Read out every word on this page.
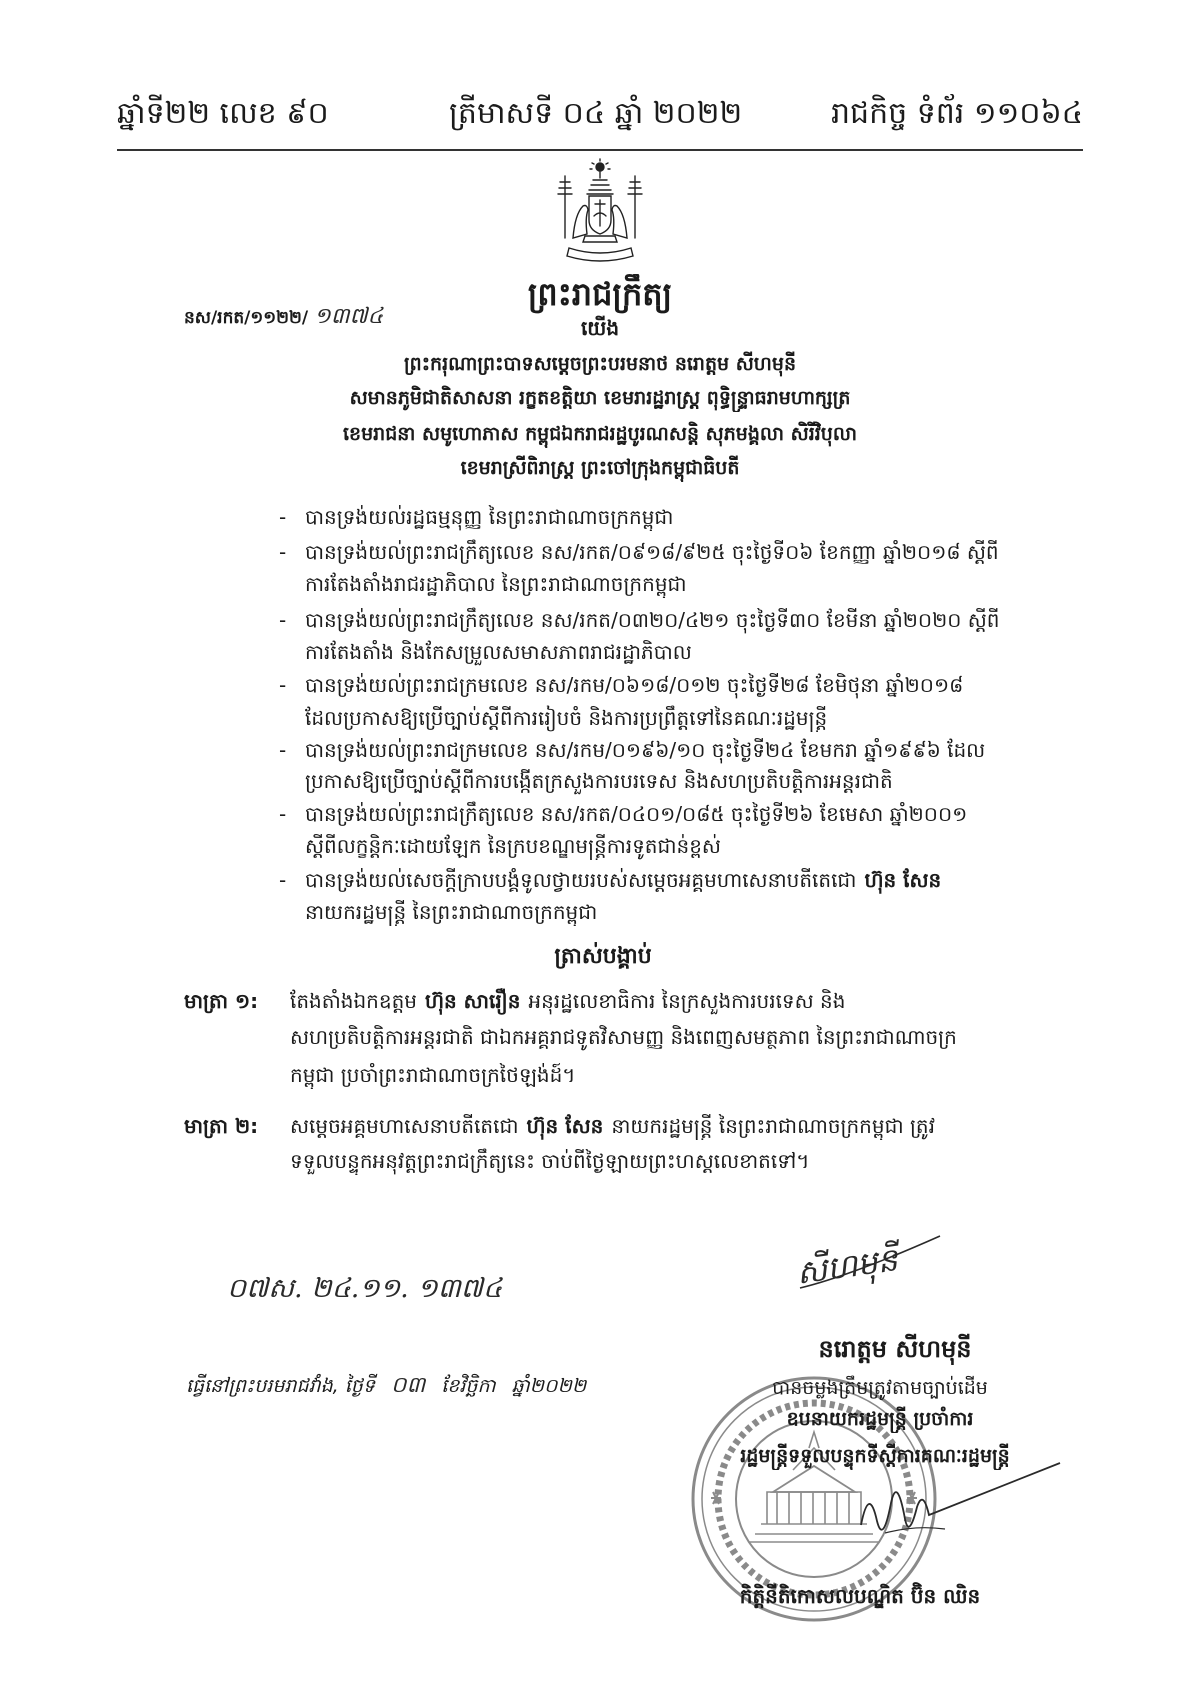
ឆ្នាំទី២២ លេខ ៩០	ត្រីមាសទី ០៤ ឆ្នាំ ២០២២	រាជកិច្ច ទំព័រ ១១០៦៤
ព្រះរាជក្រឹត្យ
នស/រកត/១១២២/ ១៣៧៤	យើង
ព្រះករុណាព្រះបាទសម្តេចព្រះបរមនាថ នរោត្តម សីហមុនី
សមានភូមិជាតិសាសនា រក្ខតខត្តិយា ខេមរារដ្ឋរាស្ត្រ ពុទ្ធិន្ទ្រាធរាមហាក្សត្រ
ខេមរាជនា សមូហោភាស កម្ពុជឯករាជរដ្ឋបូរណសន្តិ សុភមង្គលា សិរីវិបុលា
ខេមរាស្រីពិរាស្ត្រ ព្រះចៅក្រុងកម្ពុជាធិបតី
- បានទ្រង់យល់រដ្ឋធម្មនុញ្ញ នៃព្រះរាជាណាចក្រកម្ពុជា
- បានទ្រង់យល់ព្រះរាជក្រឹត្យលេខ នស/រកត/០៩១៨/៩២៥ ចុះថ្ងៃទី០៦ ខែកញ្ញា ឆ្នាំ២០១៨ ស្តីពី
ការតែងតាំងរាជរដ្ឋាភិបាល នៃព្រះរាជាណាចក្រកម្ពុជា
- បានទ្រង់យល់ព្រះរាជក្រឹត្យលេខ នស/រកត/០៣២០/៤២១ ចុះថ្ងៃទី៣០ ខែមីនា ឆ្នាំ២០២០ ស្តីពី
ការតែងតាំង និងកែសម្រួលសមាសភាពរាជរដ្ឋាភិបាល
- បានទ្រង់យល់ព្រះរាជក្រមលេខ នស/រកម/០៦១៨/០១២ ចុះថ្ងៃទី២៨ ខែមិថុនា ឆ្នាំ២០១៨
ដែលប្រកាសឱ្យប្រើច្បាប់ស្តីពីការរៀបចំ និងការប្រព្រឹត្តទៅនៃគណៈរដ្ឋមន្ត្រី
- បានទ្រង់យល់ព្រះរាជក្រមលេខ នស/រកម/០១៩៦/១០ ចុះថ្ងៃទី២៤ ខែមករា ឆ្នាំ១៩៩៦ ដែល
ប្រកាសឱ្យប្រើច្បាប់ស្តីពីការបង្កើតក្រសួងការបរទេស និងសហប្រតិបត្តិការអន្តរជាតិ
- បានទ្រង់យល់ព្រះរាជក្រឹត្យលេខ នស/រកត/០៤០១/០៨៥ ចុះថ្ងៃទី២៦ ខែមេសា ឆ្នាំ២០០១
ស្តីពីលក្ខន្តិកៈដោយឡែក នៃក្របខណ្ឌមន្ត្រីការទូតជាន់ខ្ពស់
- បានទ្រង់យល់សេចក្តីក្រាបបង្គំទូលថ្វាយរបស់សម្តេចអគ្គមហាសេនាបតីតេជោ ហ៊ុន សែន
នាយករដ្ឋមន្ត្រី នៃព្រះរាជាណាចក្រកម្ពុជា
ត្រាស់បង្គាប់
មាត្រា ១:	តែងតាំងឯកឧត្តម ហ៊ុន សារឿន អនុរដ្ឋលេខាធិការ នៃក្រសួងការបរទេស និង
សហប្រតិបត្តិការអន្តរជាតិ ជាឯកអគ្គរាជទូតវិសាមញ្ញ និងពេញសមត្ថភាព នៃព្រះរាជាណាចក្រ
កម្ពុជា ប្រចាំព្រះរាជាណាចក្រថៃឡង់ដ៍។
មាត្រា ២:	សម្តេចអគ្គមហាសេនាបតីតេជោ ហ៊ុន សែន នាយករដ្ឋមន្ត្រី នៃព្រះរាជាណាចក្រកម្ពុជា ត្រូវ
ទទួលបន្ទុកអនុវត្តព្រះរាជក្រឹត្យនេះ ចាប់ពីថ្ងៃឡាយព្រះហស្តលេខាតទៅ។
សីហមុនី
០៧ស. ២៤.១១. ១៣៧៤
នរោត្តម សីហមុនី
ធ្វើនៅព្រះបរមរាជវាំង, ថ្ងៃទី ០៣ ខែវិច្ឆិកា ឆ្នាំ២០២២	បានចម្លងត្រឹមត្រូវតាមច្បាប់ដើម
ឧបនាយករដ្ឋមន្ត្រី ប្រចាំការ
រដ្ឋមន្ត្រីទទួលបន្ទុកទីស្តីការគណៈរដ្ឋមន្ត្រី
កិត្តិនីតិកោសលបណ្ឌិត ប៊ិន ឈិន
